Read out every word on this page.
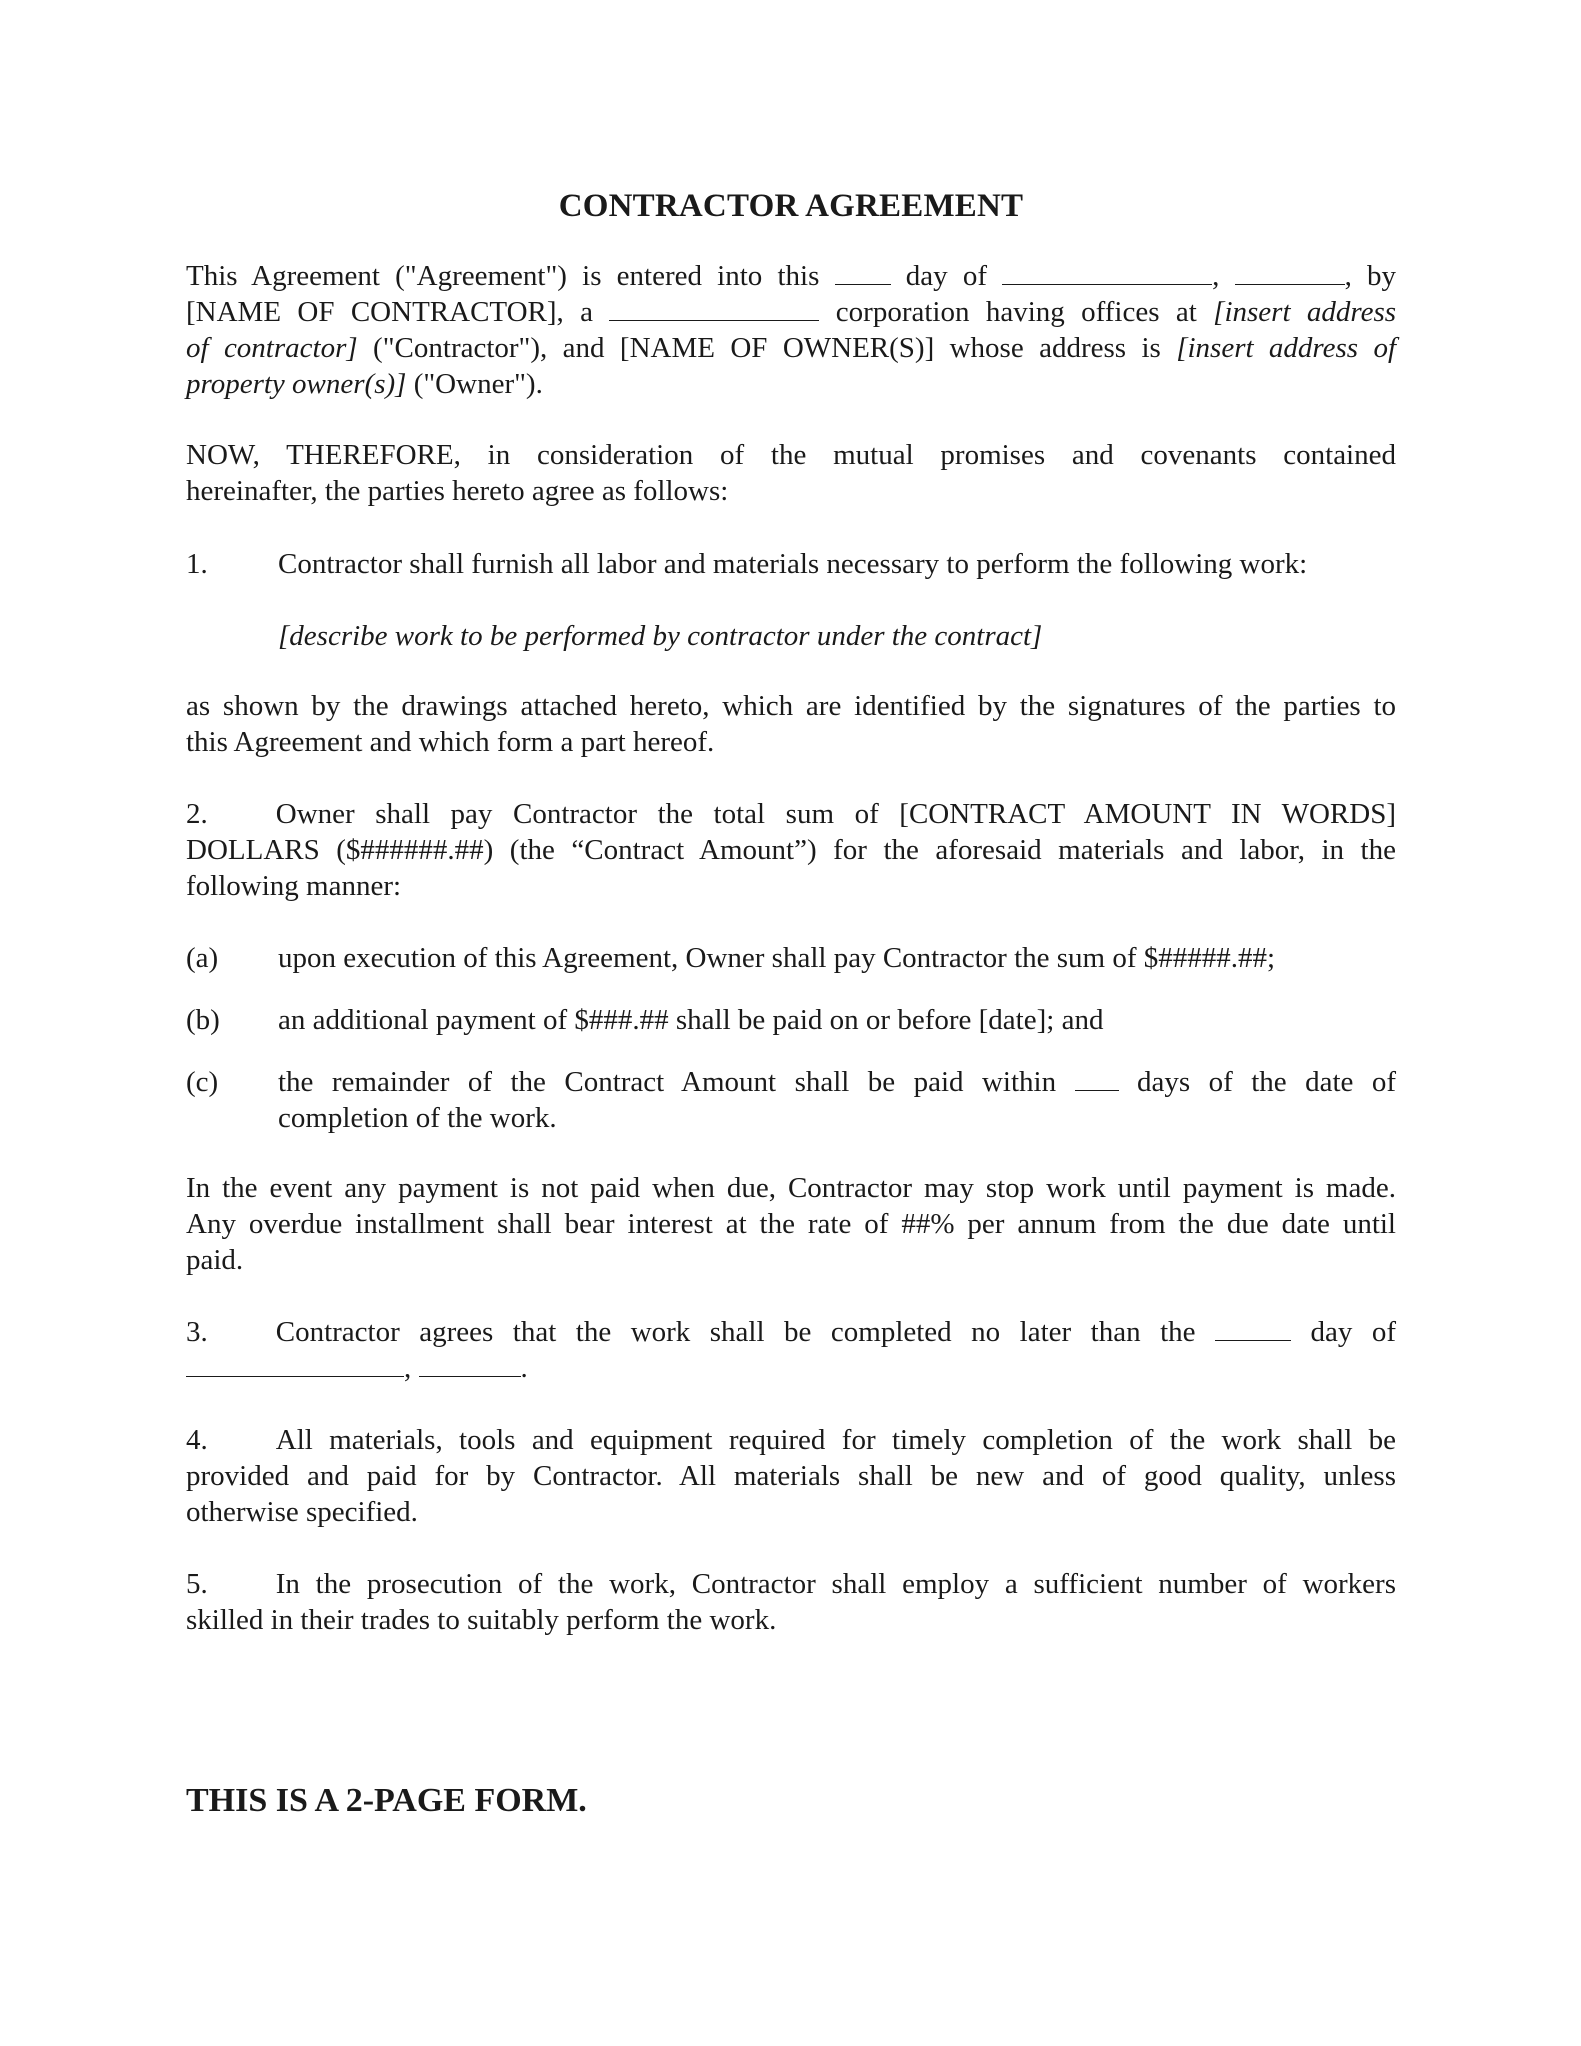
CONTRACTOR AGREEMENT
This Agreement ("Agreement") is entered into this	day of	,	, by
[NAME OF CONTRACTOR], a	corporation having offices at [insert address
of contractor] ("Contractor"), and [NAME OF OWNER(S)] whose address is [insert address of
property owner(s)] ("Owner").
NOW, THEREFORE, in consideration of the mutual promises and covenants contained
hereinafter, the parties hereto agree as follows:
1. Contractor shall furnish all labor and materials necessary to perform the following work:
[describe work to be performed by contractor under the contract]
as shown by the drawings attached hereto, which are identified by the signatures of the parties to
this Agreement and which form a part hereof.
2. Owner shall pay Contractor the total sum of [CONTRACT AMOUNT IN WORDS]
DOLLARS ($######.##) (the “Contract Amount”) for the aforesaid materials and labor, in the
following manner:
(a) upon execution of this Agreement, Owner shall pay Contractor the sum of $#####.##;
(b) an additional payment of $###.## shall be paid on or before [date]; and
(c) the remainder of the Contract Amount shall be paid within	days of the date of
completion of the work.
In the event any payment is not paid when due, Contractor may stop work until payment is made.
Any overdue installment shall bear interest at the rate of ##% per annum from the due date until
paid.
3. Contractor agrees that the work shall be completed no later than the	day of
,	.
4. All materials, tools and equipment required for timely completion of the work shall be
provided and paid for by Contractor. All materials shall be new and of good quality, unless
otherwise specified.
5. In the prosecution of the work, Contractor shall employ a sufficient number of workers
skilled in their trades to suitably perform the work.
THIS IS A 2-PAGE FORM.
